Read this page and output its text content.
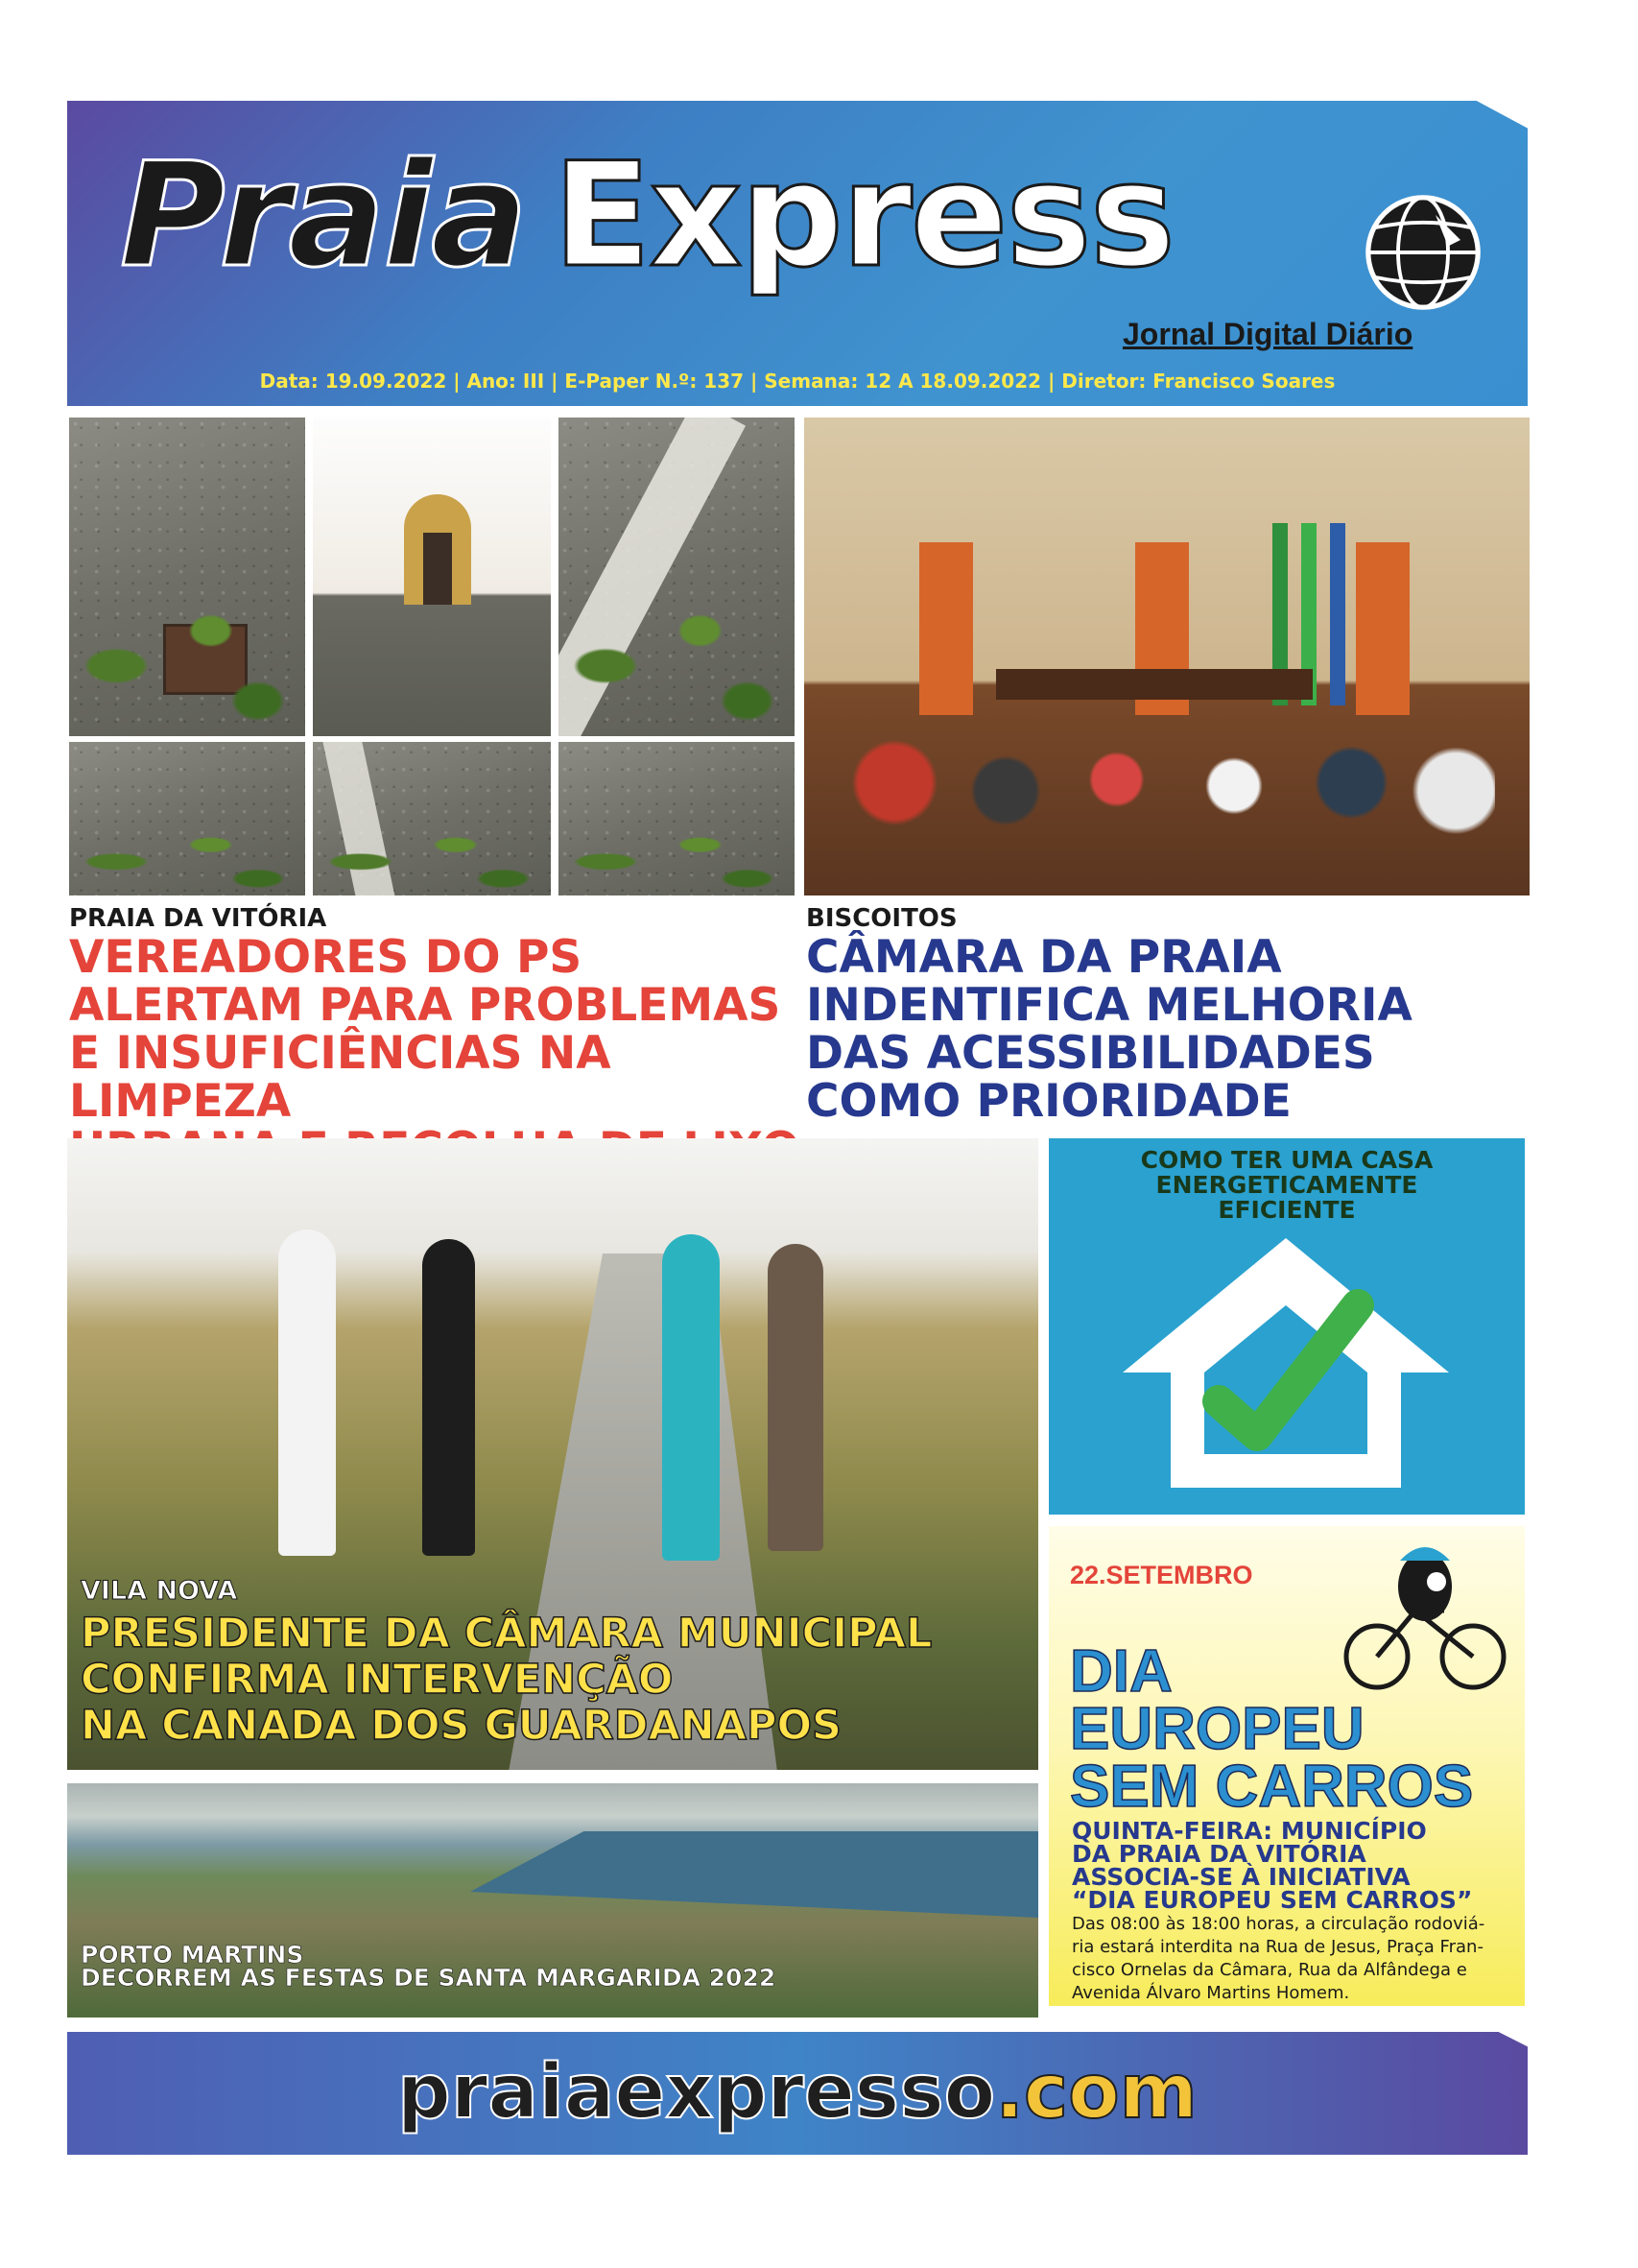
Praia Express
Jornal Digital Diário
Data: 19.09.2022 | Ano: III | E-Paper N.º: 137 | Semana: 12 A 18.09.2022 | Diretor: Francisco Soares
PRAIA DA VITÓRIA
VEREADORES DO PS
ALERTAM PARA PROBLEMAS
E INSUFICIÊNCIAS NA LIMPEZA
BISCOITOS
CÂMARA DA PRAIA
INDENTIFICA MELHORIA
DAS ACESSIBILIDADES
COMO PRIORIDADE
VILA NOVA
PRESIDENTE DA CÂMARA MUNICIPAL
CONFIRMA INTERVENÇÃO
NA CANADA DOS GUARDANAPOS
PORTO MARTINS
DECORREM AS FESTAS DE SANTA MARGARIDA 2022
COMO TER UMA CASA
ENERGETICAMENTE
EFICIENTE
22.SETEMBRO
DIA
EUROPEU
SEM CARROS
QUINTA-FEIRA: MUNICÍPIO
DA PRAIA DA VITÓRIA
ASSOCIA-SE À INICIATIVA
“DIA EUROPEU SEM CARROS”
Das 08:00 às 18:00 horas, a circulação rodoviá-
ria estará interdita na Rua de Jesus, Praça Fran-
cisco Ornelas da Câmara, Rua da Alfândega e
Avenida Álvaro Martins Homem.
praiaexpresso.com
